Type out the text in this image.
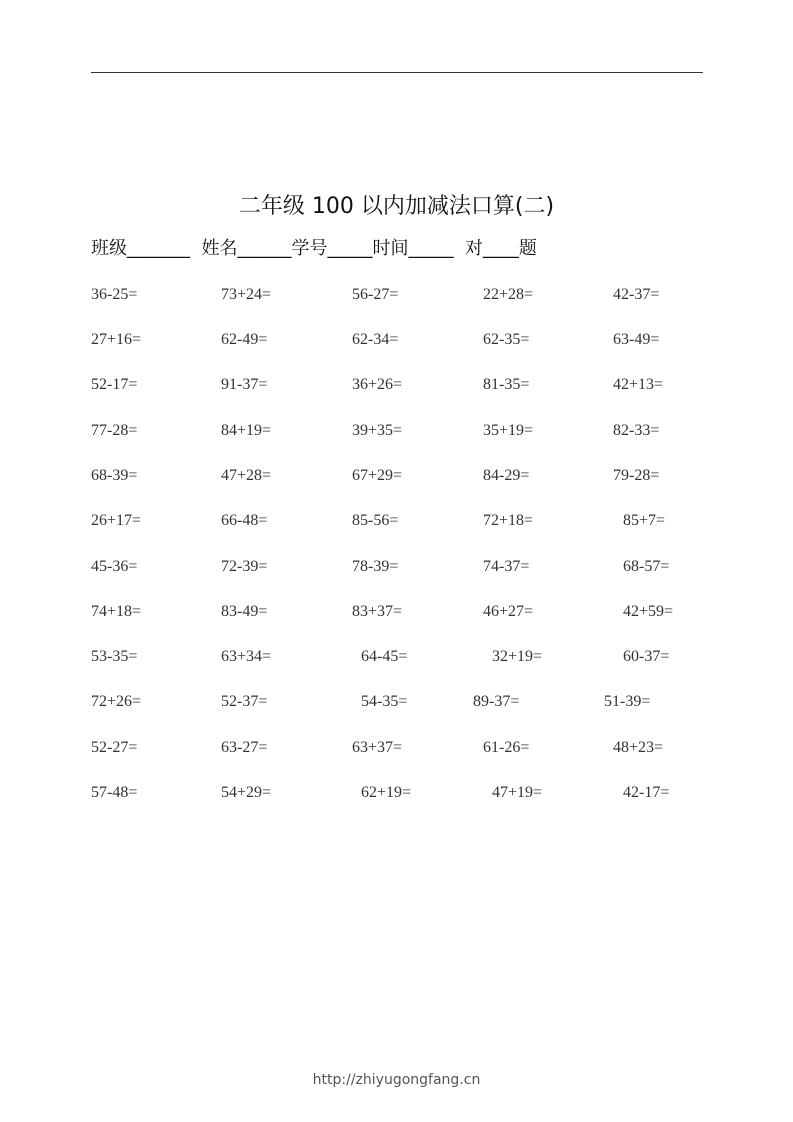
二年级 100 以内加减法口算(二)
班级_______  姓名______学号_____时间_____  对____题
36-25=	73+24=	56-27=	22+28=	42-37=
27+16=	62-49=	62-34=	62-35=	63-49=
52-17=	91-37=	36+26=	81-35=	42+13=
77-28=	84+19=	39+35=	35+19=	82-33=
68-39=	47+28=	67+29=	84-29=	79-28=
26+17=	66-48=	85-56=	72+18=	85+7=
45-36=	72-39=	78-39=	74-37=	68-57=
74+18=	83-49=	83+37=	46+27=	42+59=
53-35=	63+34=	64-45=	32+19=	60-37=
72+26=	52-37=	54-35=	89-37=	51-39=
52-27=	63-27=	63+37=	61-26=	48+23=
57-48=	54+29=	62+19=	47+19=	42-17=
http://zhiyugongfang.cn
